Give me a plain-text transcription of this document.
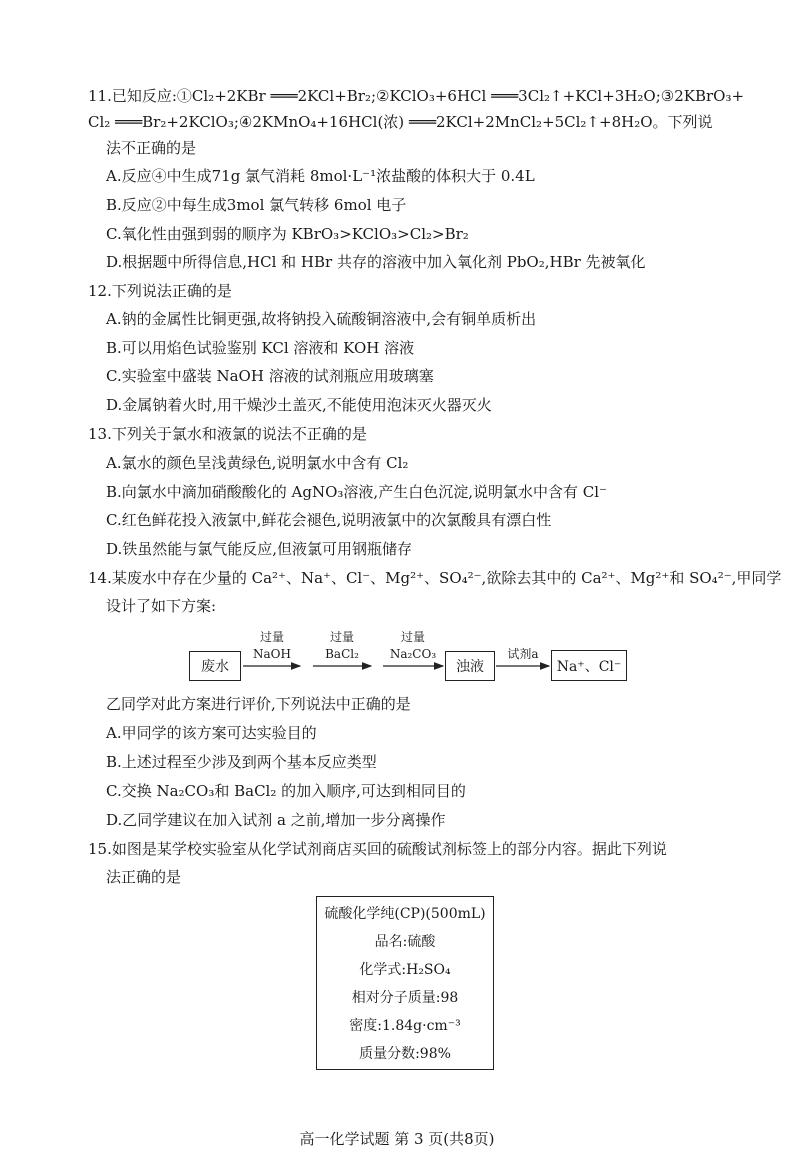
11.已知反应:①Cl₂+2KBr ═══2KCl+Br₂;②KClO₃+6HCl ═══3Cl₂↑+KCl+3H₂O;③2KBrO₃+
Cl₂ ═══Br₂+2KClO₃;④2KMnO₄+16HCl(浓) ═══2KCl+2MnCl₂+5Cl₂↑+8H₂O。下列说
法不正确的是
A.反应④中生成71g 氯气消耗 8mol·L⁻¹浓盐酸的体积大于 0.4L
B.反应②中每生成3mol 氯气转移 6mol 电子
C.氧化性由强到弱的顺序为 KBrO₃>KClO₃>Cl₂>Br₂
D.根据题中所得信息,HCl 和 HBr 共存的溶液中加入氧化剂 PbO₂,HBr 先被氧化
12.下列说法正确的是
A.钠的金属性比铜更强,故将钠投入硫酸铜溶液中,会有铜单质析出
B.可以用焰色试验鉴别 KCl 溶液和 KOH 溶液
C.实验室中盛装 NaOH 溶液的试剂瓶应用玻璃塞
D.金属钠着火时,用干燥沙土盖灭,不能使用泡沫灭火器灭火
13.下列关于氯水和液氯的说法不正确的是
A.氯水的颜色呈浅黄绿色,说明氯水中含有 Cl₂
B.向氯水中滴加硝酸酸化的 AgNO₃溶液,产生白色沉淀,说明氯水中含有 Cl⁻
C.红色鲜花投入液氯中,鲜花会褪色,说明液氯中的次氯酸具有漂白性
D.铁虽然能与氯气能反应,但液氯可用钢瓶储存
14.某废水中存在少量的 Ca²⁺、Na⁺、Cl⁻、Mg²⁺、SO₄²⁻,欲除去其中的 Ca²⁺、Mg²⁺和 SO₄²⁻,甲同学
设计了如下方案:
废水
过量
NaOH
过量
BaCl₂
过量
Na₂CO₃
浊液
试剂a
Na⁺、Cl⁻
乙同学对此方案进行评价,下列说法中正确的是
A.甲同学的该方案可达实验目的
B.上述过程至少涉及到两个基本反应类型
C.交换 Na₂CO₃和 BaCl₂ 的加入顺序,可达到相同目的
D.乙同学建议在加入试剂 a 之前,增加一步分离操作
15.如图是某学校实验室从化学试剂商店买回的硫酸试剂标签上的部分内容。据此下列说
法正确的是
硫酸化学纯(CP)(500mL)
品名:硫酸
化学式:H₂SO₄
相对分子质量:98
密度:1.84g·cm⁻³
质量分数:98%
高一化学试题 第 3 页(共8页)
